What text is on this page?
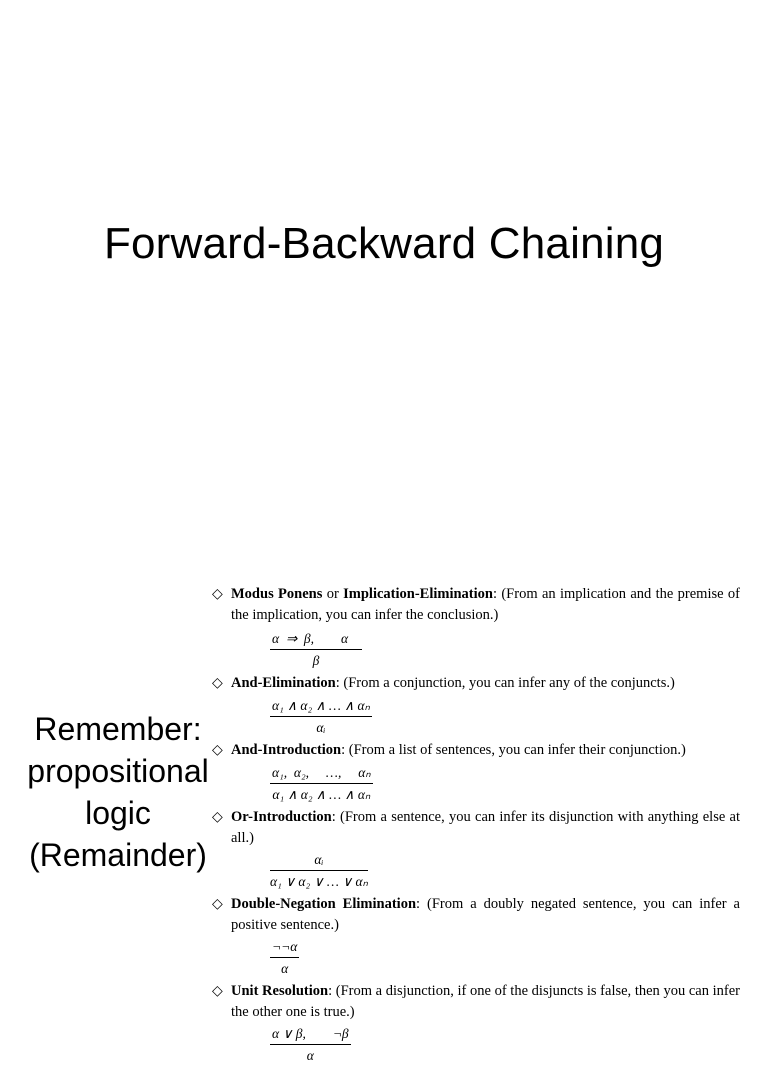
Forward-Backward Chaining
Remember:
propositional
logic
(Remainder)
◇ Modus Ponens or Implication-Elimination: (From an implication and the premise of the implication, you can infer the conclusion.)
$\frac{\alpha \Rightarrow \beta, \alpha}{\beta}$
◇ And-Elimination: (From a conjunction, you can infer any of the conjuncts.)
$\frac{\text{α₁ ∧ α₂ ∧ … ∧ αₙ}}{\text{αᵢ}}$
◇ And-Introduction: (From a list of sentences, you can infer their conjunction.)
$\frac{\text{α₁,  α₂,     …,     αₙ}}{\text{α₁ ∧ α₂ ∧ … ∧ αₙ}}$
◇ Or-Introduction: (From a sentence, you can infer its disjunction with anything else at all.)
$\frac{\text{αᵢ}}{\text{α₁ ∨ α₂ ∨ … ∨ αₙ}}$
◇ Double-Negation Elimination: (From a doubly negated sentence, you can infer a positive sentence.)
$\frac{\neg\neg\alpha}{\alpha}$
◇ Unit Resolution: (From a disjunction, if one of the disjuncts is false, then you can infer the other one is true.)
$\frac{\alpha \vee \beta, \neg\beta}{\alpha}$
